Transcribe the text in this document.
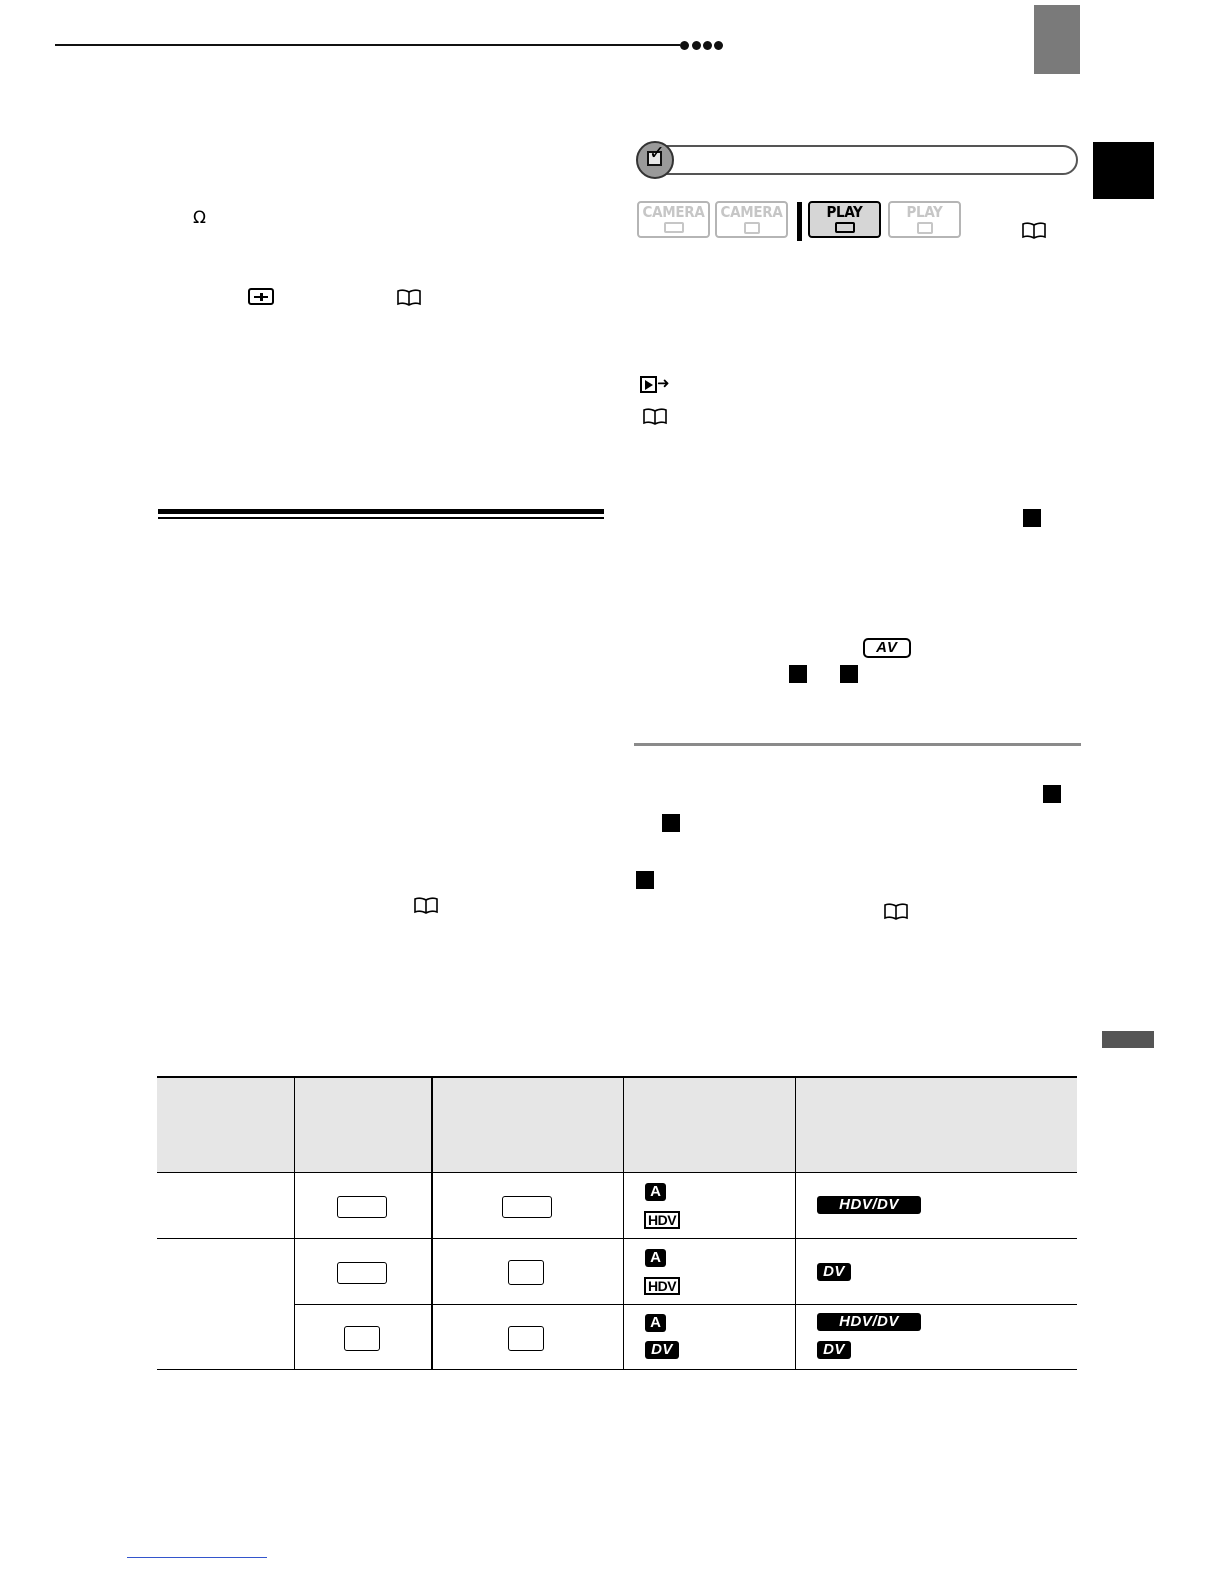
Ω
✓
CAMERA CAMERA	PLAY	PLAY
➜
AV
A
HDV
HDV/DV
A
HDV
DV
A
DV
HDV/DV
DV
